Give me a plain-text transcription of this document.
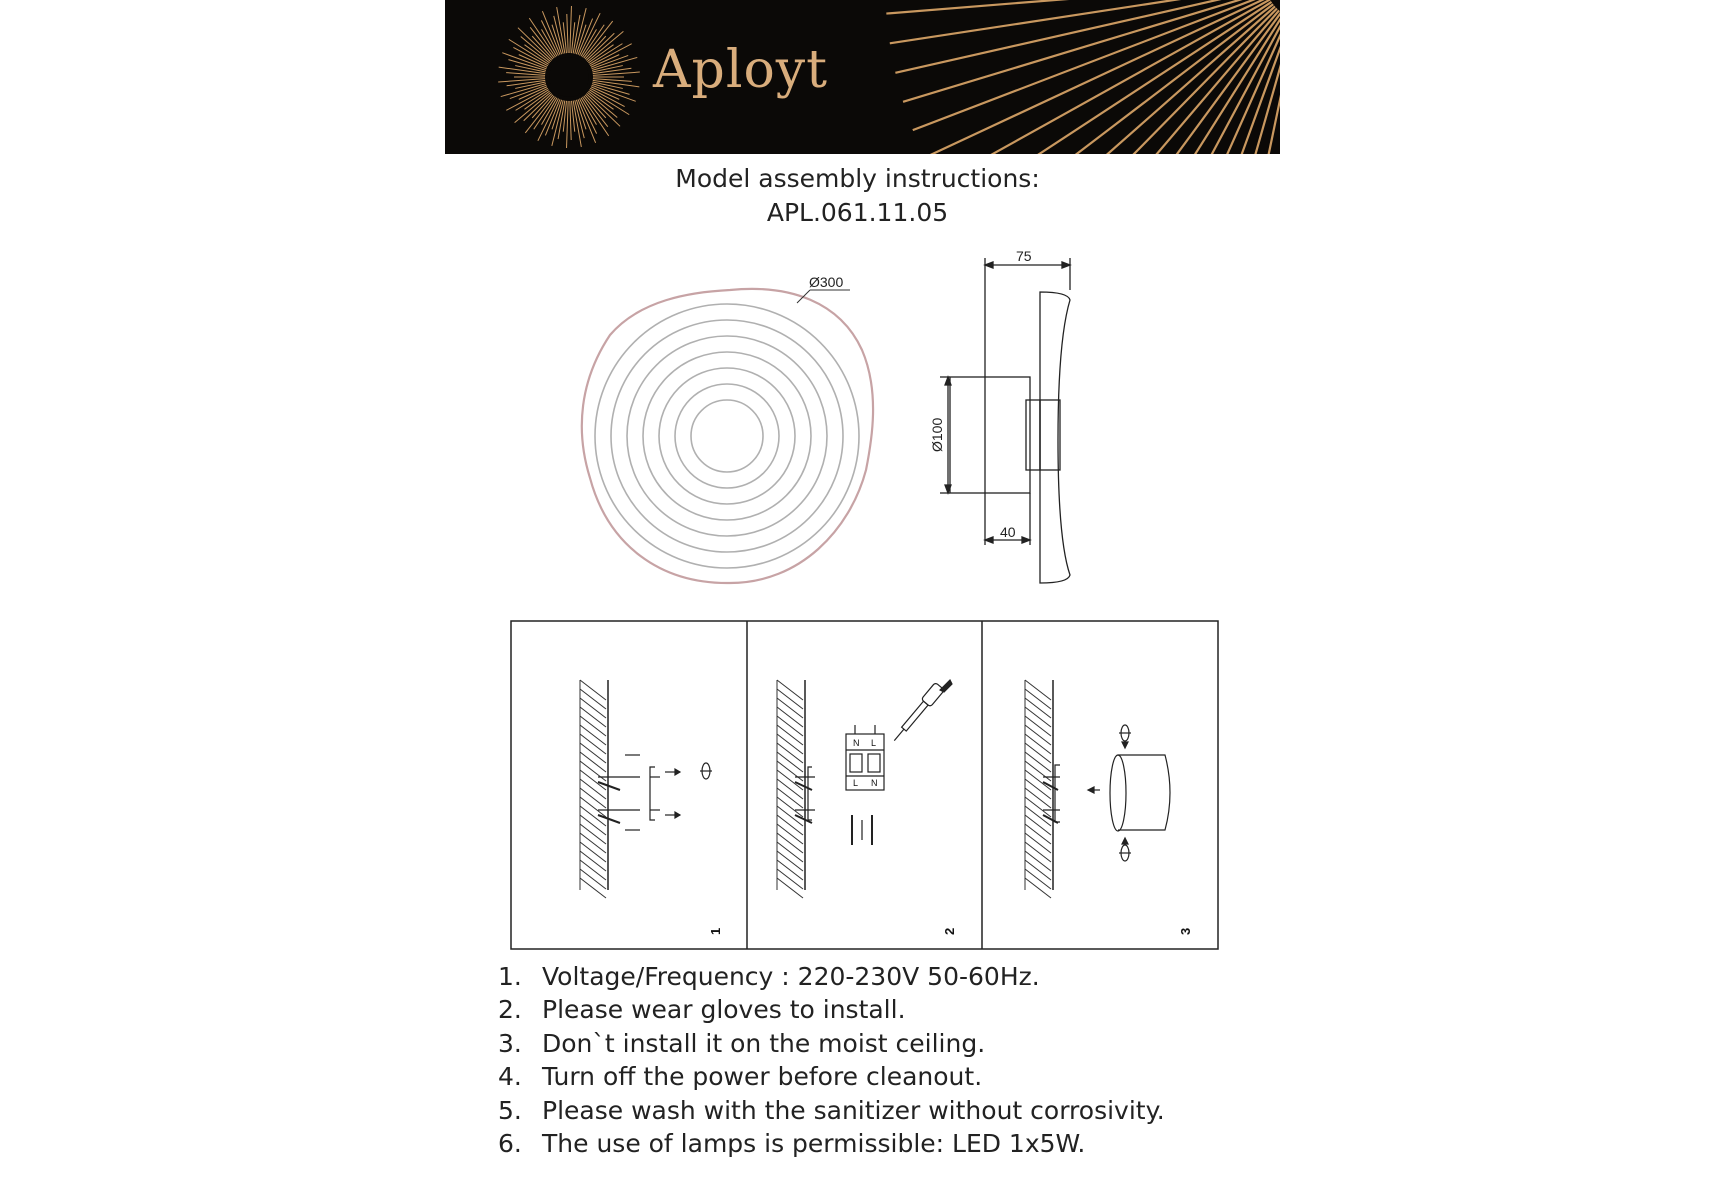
Aployt
Model assembly instructions:
APL.061.11.05
Ø300
75
Ø100
40
1
N L
L N
2	3
1. Voltage/Frequency : 220-230V 50-60Hz.
2. Please wear gloves to install.
3. Don`t install it on the moist ceiling.
4. Turn off the power before cleanout.
5. Please wash with the sanitizer without corrosivity.
6. The use of lamps is permissible: LED 1x5W.
